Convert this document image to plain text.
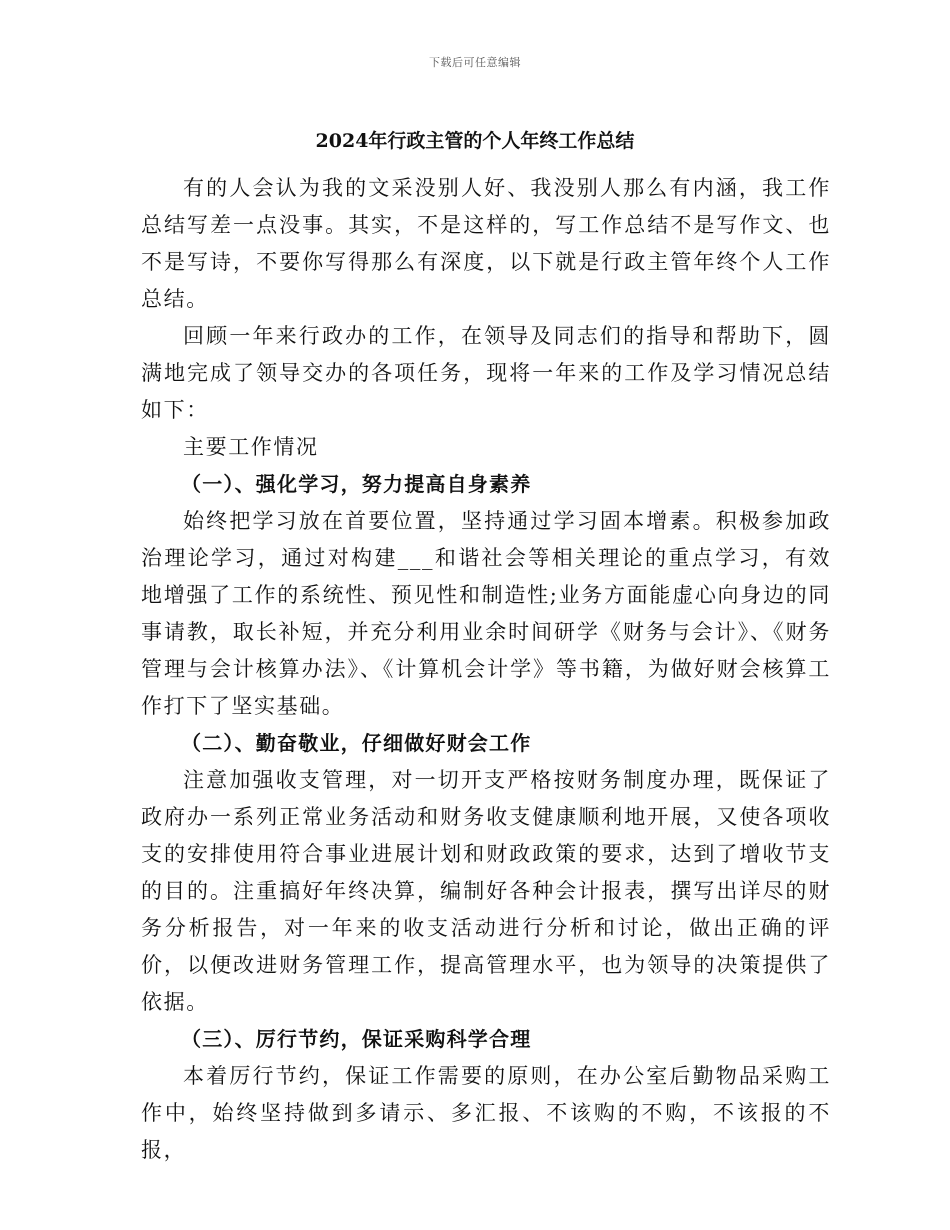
下载后可任意编辑
2024年行政主管的个人年终工作总结

有的人会认为我的文采没别人好、我没别人那么有内涵，我工作总结写差一点没事。其实，不是这样的，写工作总结不是写作文、也不是写诗，不要你写得那么有深度，以下就是行政主管年终个人工作总结。

回顾一年来行政办的工作，在领导及同志们的指导和帮助下，圆满地完成了领导交办的各项任务，现将一年来的工作及学习情况总结如下：

主要工作情况

（一）、强化学习，努力提高自身素养

始终把学习放在首要位置，坚持通过学习固本增素。积极参加政治理论学习，通过对构建___和谐社会等相关理论的重点学习，有效地增强了工作的系统性、预见性和制造性;业务方面能虚心向身边的同事请教，取长补短，并充分利用业余时间研学《财务与会计》、《财务管理与会计核算办法》、《计算机会计学》等书籍，为做好财会核算工作打下了坚实基础。

（二）、勤奋敬业，仔细做好财会工作

注意加强收支管理，对一切开支严格按财务制度办理，既保证了政府办一系列正常业务活动和财务收支健康顺利地开展，又使各项收支的安排使用符合事业进展计划和财政政策的要求，达到了增收节支的目的。注重搞好年终决算，编制好各种会计报表，撰写出详尽的财务分析报告，对一年来的收支活动进行分析和讨论，做出正确的评价，以便改进财务管理工作，提高管理水平，也为领导的决策提供了依据。

（三）、厉行节约，保证采购科学合理

本着厉行节约，保证工作需要的原则，在办公室后勤物品采购工作中，始终坚持做到多请示、多汇报、不该购的不购，不该报的不报，
